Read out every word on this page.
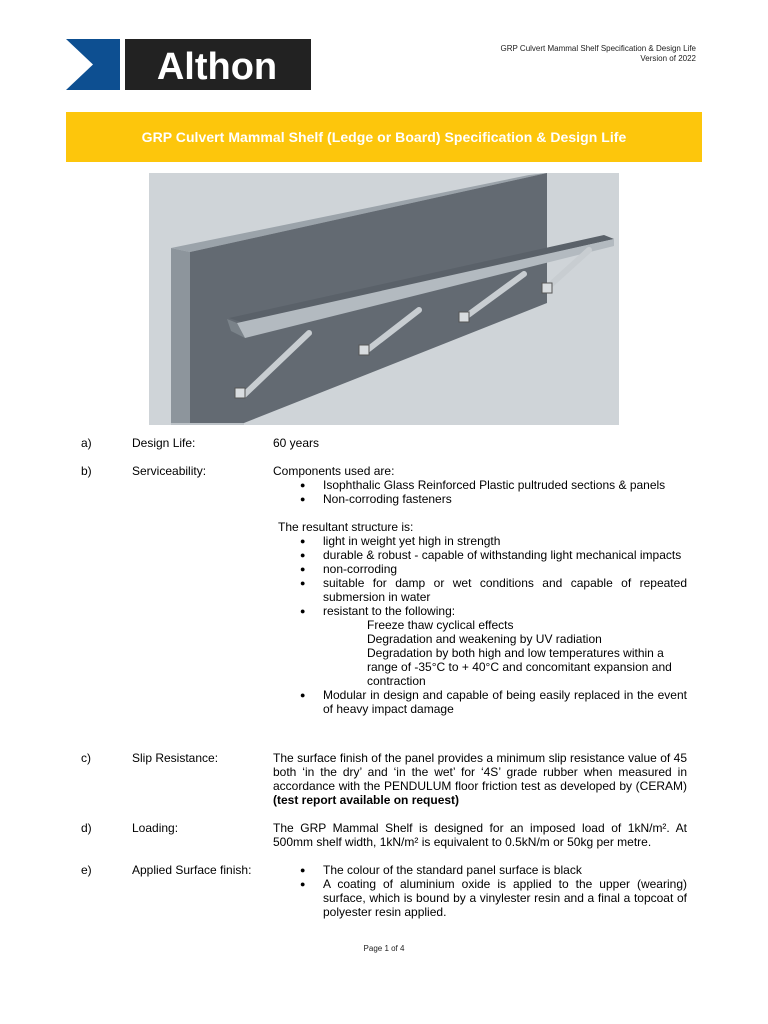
Althon	GRP Culvert Mammal Shelf Specification & Design Life
Version of 2022
GRP Culvert Mammal Shelf (Ledge or Board) Specification & Design Life
a)	Design Life:	60 years
b)	Serviceability:	Components used are:
● Isophthalic Glass Reinforced Plastic pultruded sections & panels
● Non-corroding fasteners
The resultant structure is:
● light in weight yet high in strength
● durable & robust - capable of withstanding light mechanical impacts
● non-corroding
● suitable for damp or wet conditions and capable of repeated submersion in water
● resistant to the following:
Freeze thaw cyclical effects
Degradation and weakening by UV radiation
Degradation by both high and low temperatures within a range of -35°C to + 40°C and concomitant expansion and contraction
● Modular in design and capable of being easily replaced in the event of heavy impact damage
c)	Slip Resistance:	The surface finish of the panel provides a minimum slip resistance value of 45 both ‘in the dry’ and ‘in the wet’ for ‘4S’ grade rubber when measured in accordance with the PENDULUM floor friction test as developed by (CERAM) (test report available on request)
d)	Loading:	The GRP Mammal Shelf is designed for an imposed load of 1kN/m². At 500mm shelf width, 1kN/m² is equivalent to 0.5kN/m or 50kg per metre.
e)	Applied Surface finish:
●	The colour of the standard panel surface is black
● A coating of aluminium oxide is applied to the upper (wearing) surface, which is bound by a vinylester resin and a final a topcoat of polyester resin applied.
Page 1 of 4
